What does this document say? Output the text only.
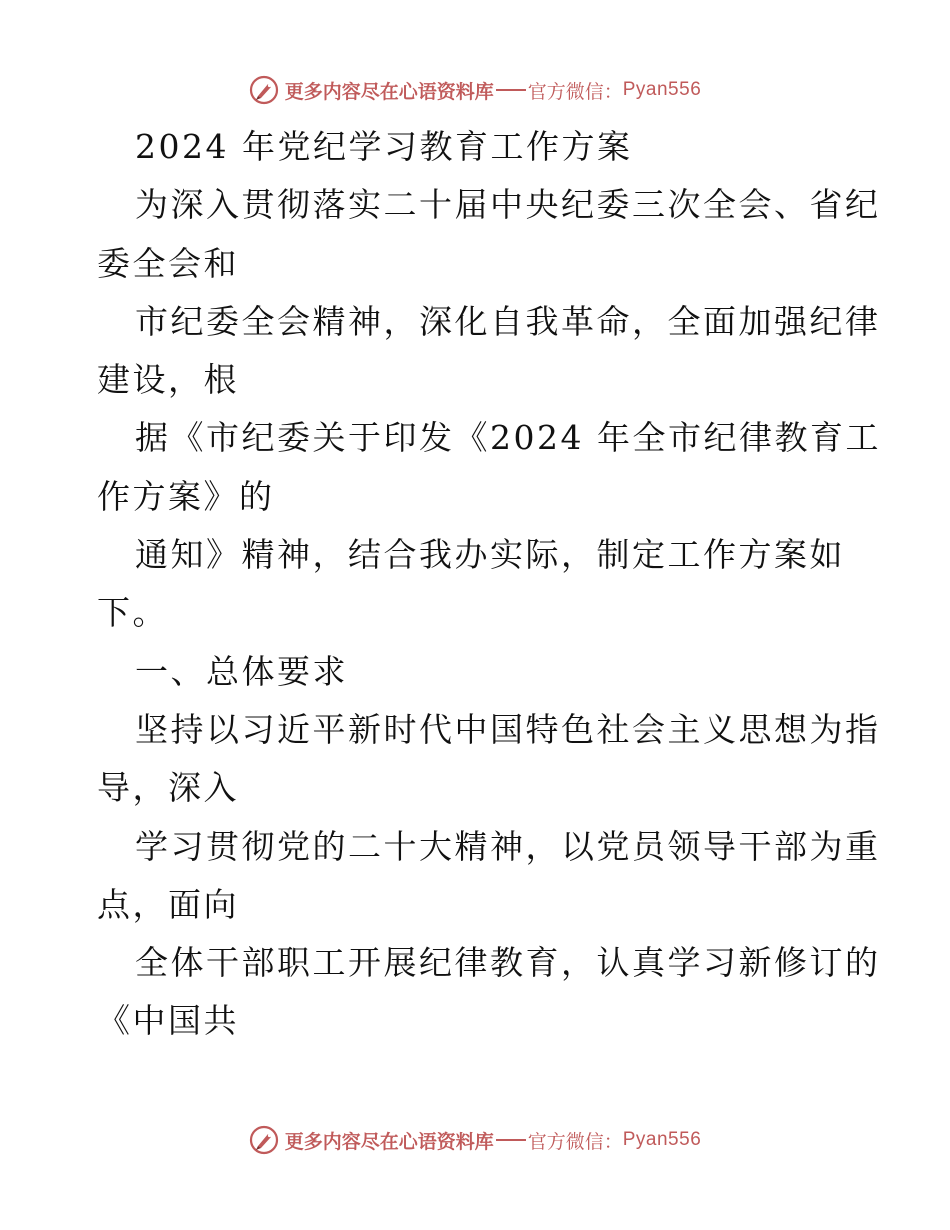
更多内容尽在心语资料库 官方微信： Pyan556
2024 年党纪学习教育工作方案
为深入贯彻落实二十届中央纪委三次全会、省纪
委全会和
市纪委全会精神，深化自我革命，全面加强纪律
建设，根
据《市纪委关于印发《2024 年全市纪律教育工
作方案》的
通知》精神，结合我办实际，制定工作方案如
下。
一、总体要求
坚持以习近平新时代中国特色社会主义思想为指
导，深入
学习贯彻党的二十大精神，以党员领导干部为重
点，面向
全体干部职工开展纪律教育，认真学习新修订的
《中国共
更多内容尽在心语资料库 官方微信： Pyan556
